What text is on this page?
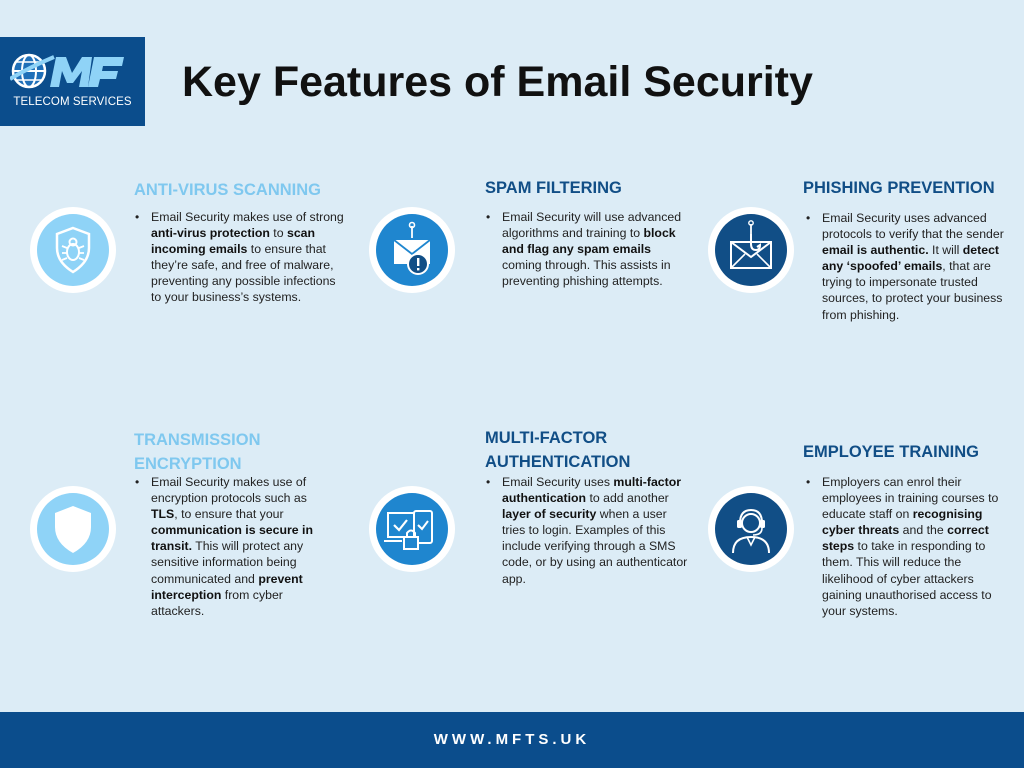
TELECOM SERVICES	Key Features of Email Security
ANTI-VIRUS SCANNING
• Email Security makes use of strong anti-virus protection to scan incoming emails to ensure that they’re safe, and free of malware, preventing any possible infections to your business’s systems.
SPAM FILTERING
• Email Security will use advanced algorithms and training to block and flag any spam emails coming through. This assists in preventing phishing attempts.
PHISHING PREVENTION
• Email Security uses advanced protocols to verify that the sender email is authentic. It will detect any ‘spoofed’ emails, that are trying to impersonate trusted sources, to protect your business from phishing.
TRANSMISSION ENCRYPTION
• Email Security makes use of encryption protocols such as TLS, to ensure that your communication is secure in transit. This will protect any sensitive information being communicated and prevent interception from cyber attackers.
MULTI-FACTOR AUTHENTICATION
• Email Security uses multi-factor authentication to add another layer of security when a user tries to login. Examples of this include verifying through a SMS code, or by using an authenticator app.
EMPLOYEE TRAINING
• Employers can enrol their employees in training courses to educate staff on recognising cyber threats and the correct steps to take in responding to them. This will reduce the likelihood of cyber attackers gaining unauthorised access to your systems.
WWW.MFTS.UK
